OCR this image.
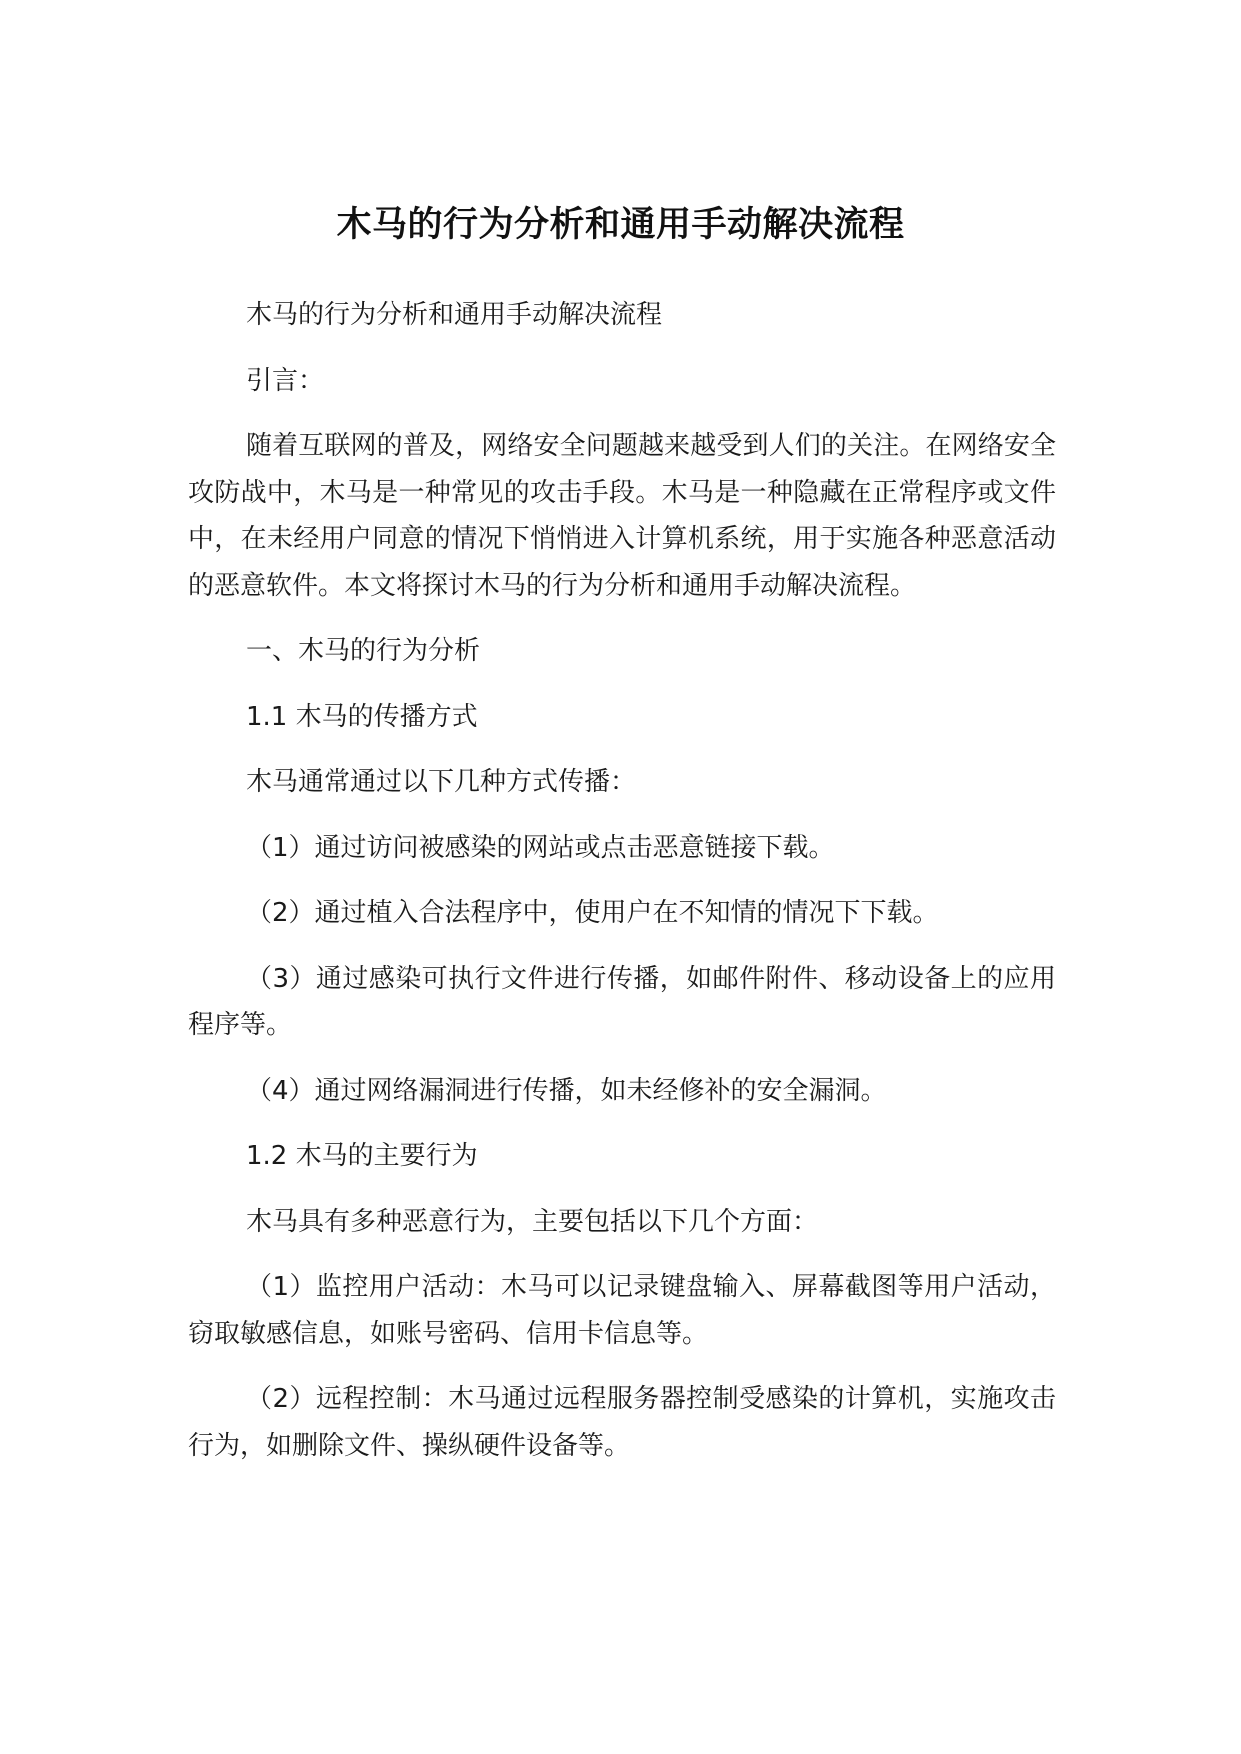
木马的行为分析和通用手动解决流程

木马的行为分析和通用手动解决流程

引言：

随着互联网的普及，网络安全问题越来越受到人们的关注。在网络安全攻防战中，木马是一种常见的攻击手段。木马是一种隐藏在正常程序或文件中，在未经用户同意的情况下悄悄进入计算机系统，用于实施各种恶意活动的恶意软件。本文将探讨木马的行为分析和通用手动解决流程。

一、木马的行为分析

1.1 木马的传播方式

木马通常通过以下几种方式传播：

（1）通过访问被感染的网站或点击恶意链接下载。

（2）通过植入合法程序中，使用户在不知情的情况下下载。

（3）通过感染可执行文件进行传播，如邮件附件、移动设备上的应用程序等。

（4）通过网络漏洞进行传播，如未经修补的安全漏洞。

1.2 木马的主要行为

木马具有多种恶意行为，主要包括以下几个方面：

（1）监控用户活动：木马可以记录键盘输入、屏幕截图等用户活动，窃取敏感信息，如账号密码、信用卡信息等。

（2）远程控制：木马通过远程服务器控制受感染的计算机，实施攻击行为，如删除文件、操纵硬件设备等。
